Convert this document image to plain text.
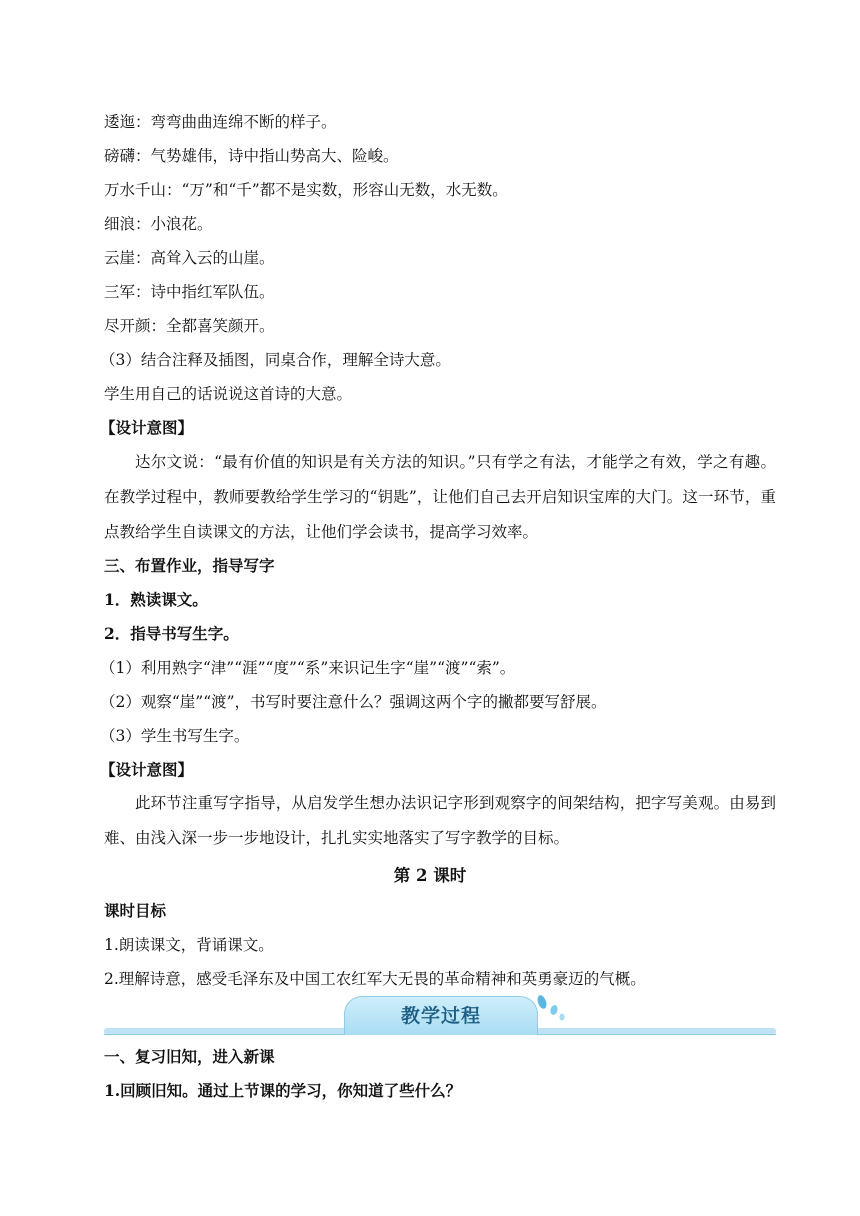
逶迤：弯弯曲曲连绵不断的样子。
磅礴：气势雄伟，诗中指山势高大、险峻。
万水千山：“万”和“千”都不是实数，形容山无数，水无数。
细浪：小浪花。
云崖：高耸入云的山崖。
三军：诗中指红军队伍。
尽开颜：全都喜笑颜开。
（3）结合注释及插图，同桌合作，理解全诗大意。
学生用自己的话说说这首诗的大意。
【设计意图】
达尔文说：“最有价值的知识是有关方法的知识。”只有学之有法，才能学之有效，学之有趣。在教学过程中，教师要教给学生学习的“钥匙”，让他们自己去开启知识宝库的大门。这一环节，重点教给学生自读课文的方法，让他们学会读书，提高学习效率。
三、布置作业，指导写字
1．熟读课文。
2．指导书写生字。
（1）利用熟字“津”“涯”“度”“系”来识记生字“崖”“渡”“索”。
（2）观察“崖”“渡”，书写时要注意什么？强调这两个字的撇都要写舒展。
（3）学生书写生字。
【设计意图】
此环节注重写字指导，从启发学生想办法识记字形到观察字的间架结构，把字写美观。由易到难、由浅入深一步一步地设计，扎扎实实地落实了写字教学的目标。
第 2 课时
课时目标
1.朗读课文，背诵课文。
2.理解诗意，感受毛泽东及中国工农红军大无畏的革命精神和英勇豪迈的气概。
教学过程
一、复习旧知，进入新课
1.回顾旧知。通过上节课的学习，你知道了些什么？
